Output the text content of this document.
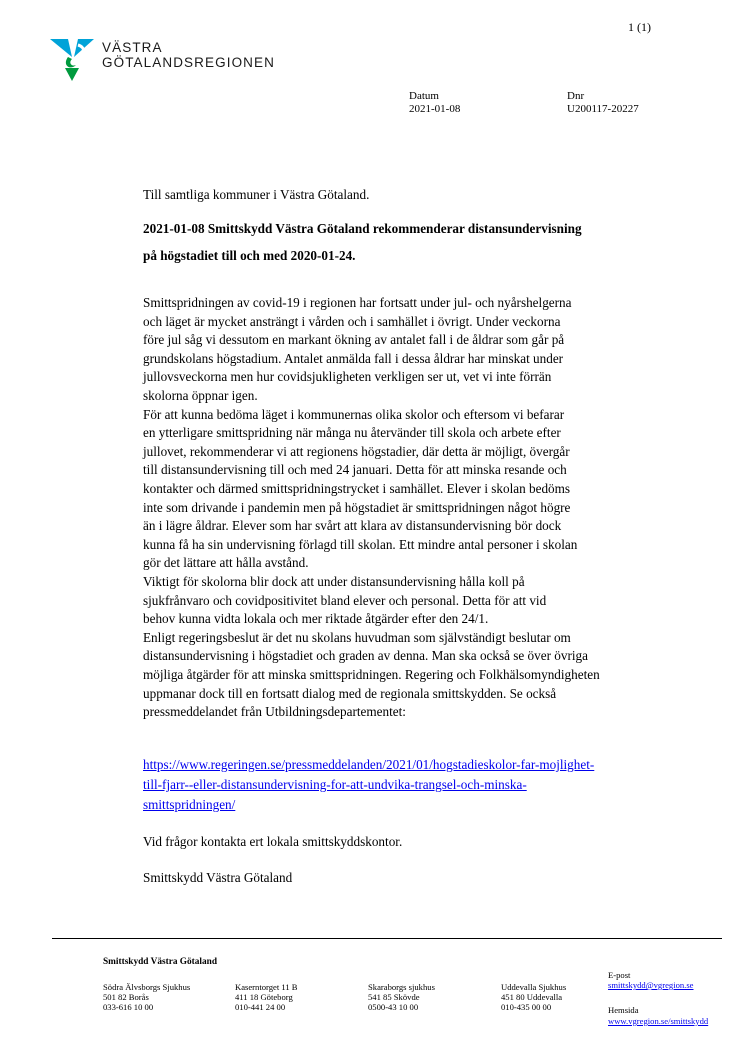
1 (1)
VÄSTRA
GÖTALANDSREGIONEN
Datum
2021-01-08
Dnr
U200117-20227
Till samtliga kommuner i Västra Götaland.
2021-01-08 Smittskydd Västra Götaland rekommenderar distansundervisning
på högstadiet till och med 2020-01-24.
Smittspridningen av covid-19 i regionen har fortsatt under jul- och nyårshelgerna
och läget är mycket ansträngt i vården och i samhället i övrigt. Under veckorna
före jul såg vi dessutom en markant ökning av antalet fall i de åldrar som går på
grundskolans högstadium. Antalet anmälda fall i dessa åldrar har minskat under
jullovsveckorna men hur covidsjukligheten verkligen ser ut, vet vi inte förrän
skolorna öppnar igen.
För att kunna bedöma läget i kommunernas olika skolor och eftersom vi befarar
en ytterligare smittspridning när många nu återvänder till skola och arbete efter
jullovet, rekommenderar vi att regionens högstadier, där detta är möjligt, övergår
till distansundervisning till och med 24 januari. Detta för att minska resande och
kontakter och därmed smittspridningstrycket i samhället. Elever i skolan bedöms
inte som drivande i pandemin men på högstadiet är smittspridningen något högre
än i lägre åldrar. Elever som har svårt att klara av distansundervisning bör dock
kunna få ha sin undervisning förlagd till skolan. Ett mindre antal personer i skolan
gör det lättare att hålla avstånd.
Viktigt för skolorna blir dock att under distansundervisning hålla koll på
sjukfrånvaro och covidpositivitet bland elever och personal. Detta för att vid
behov kunna vidta lokala och mer riktade åtgärder efter den 24/1.
Enligt regeringsbeslut är det nu skolans huvudman som självständigt beslutar om
distansundervisning i högstadiet och graden av denna. Man ska också se över övriga
möjliga åtgärder för att minska smittspridningen. Regering och Folkhälsomyndigheten
uppmanar dock till en fortsatt dialog med de regionala smittskydden. Se också
pressmeddelandet från Utbildningsdepartementet:
https://www.regeringen.se/pressmeddelanden/2021/01/hogstadieskolor-far-mojlighet-
till-fjarr--eller-distansundervisning-for-att-undvika-trangsel-och-minska-
smittspridningen/
Vid frågor kontakta ert lokala smittskyddskontor.
Smittskydd Västra Götaland
Smittskydd Västra Götaland
Södra Älvsborgs Sjukhus
501 82 Borås
033-616 10 00
Kaserntorget 11 B
411 18 Göteborg
010-441 24 00
Skaraborgs sjukhus
541 85 Skövde
0500-43 10 00
Uddevalla Sjukhus
451 80 Uddevalla
010-435 00 00
E-post
smittskydd@vgregion.se
Hemsida
www.vgregion.se/smittskydd
